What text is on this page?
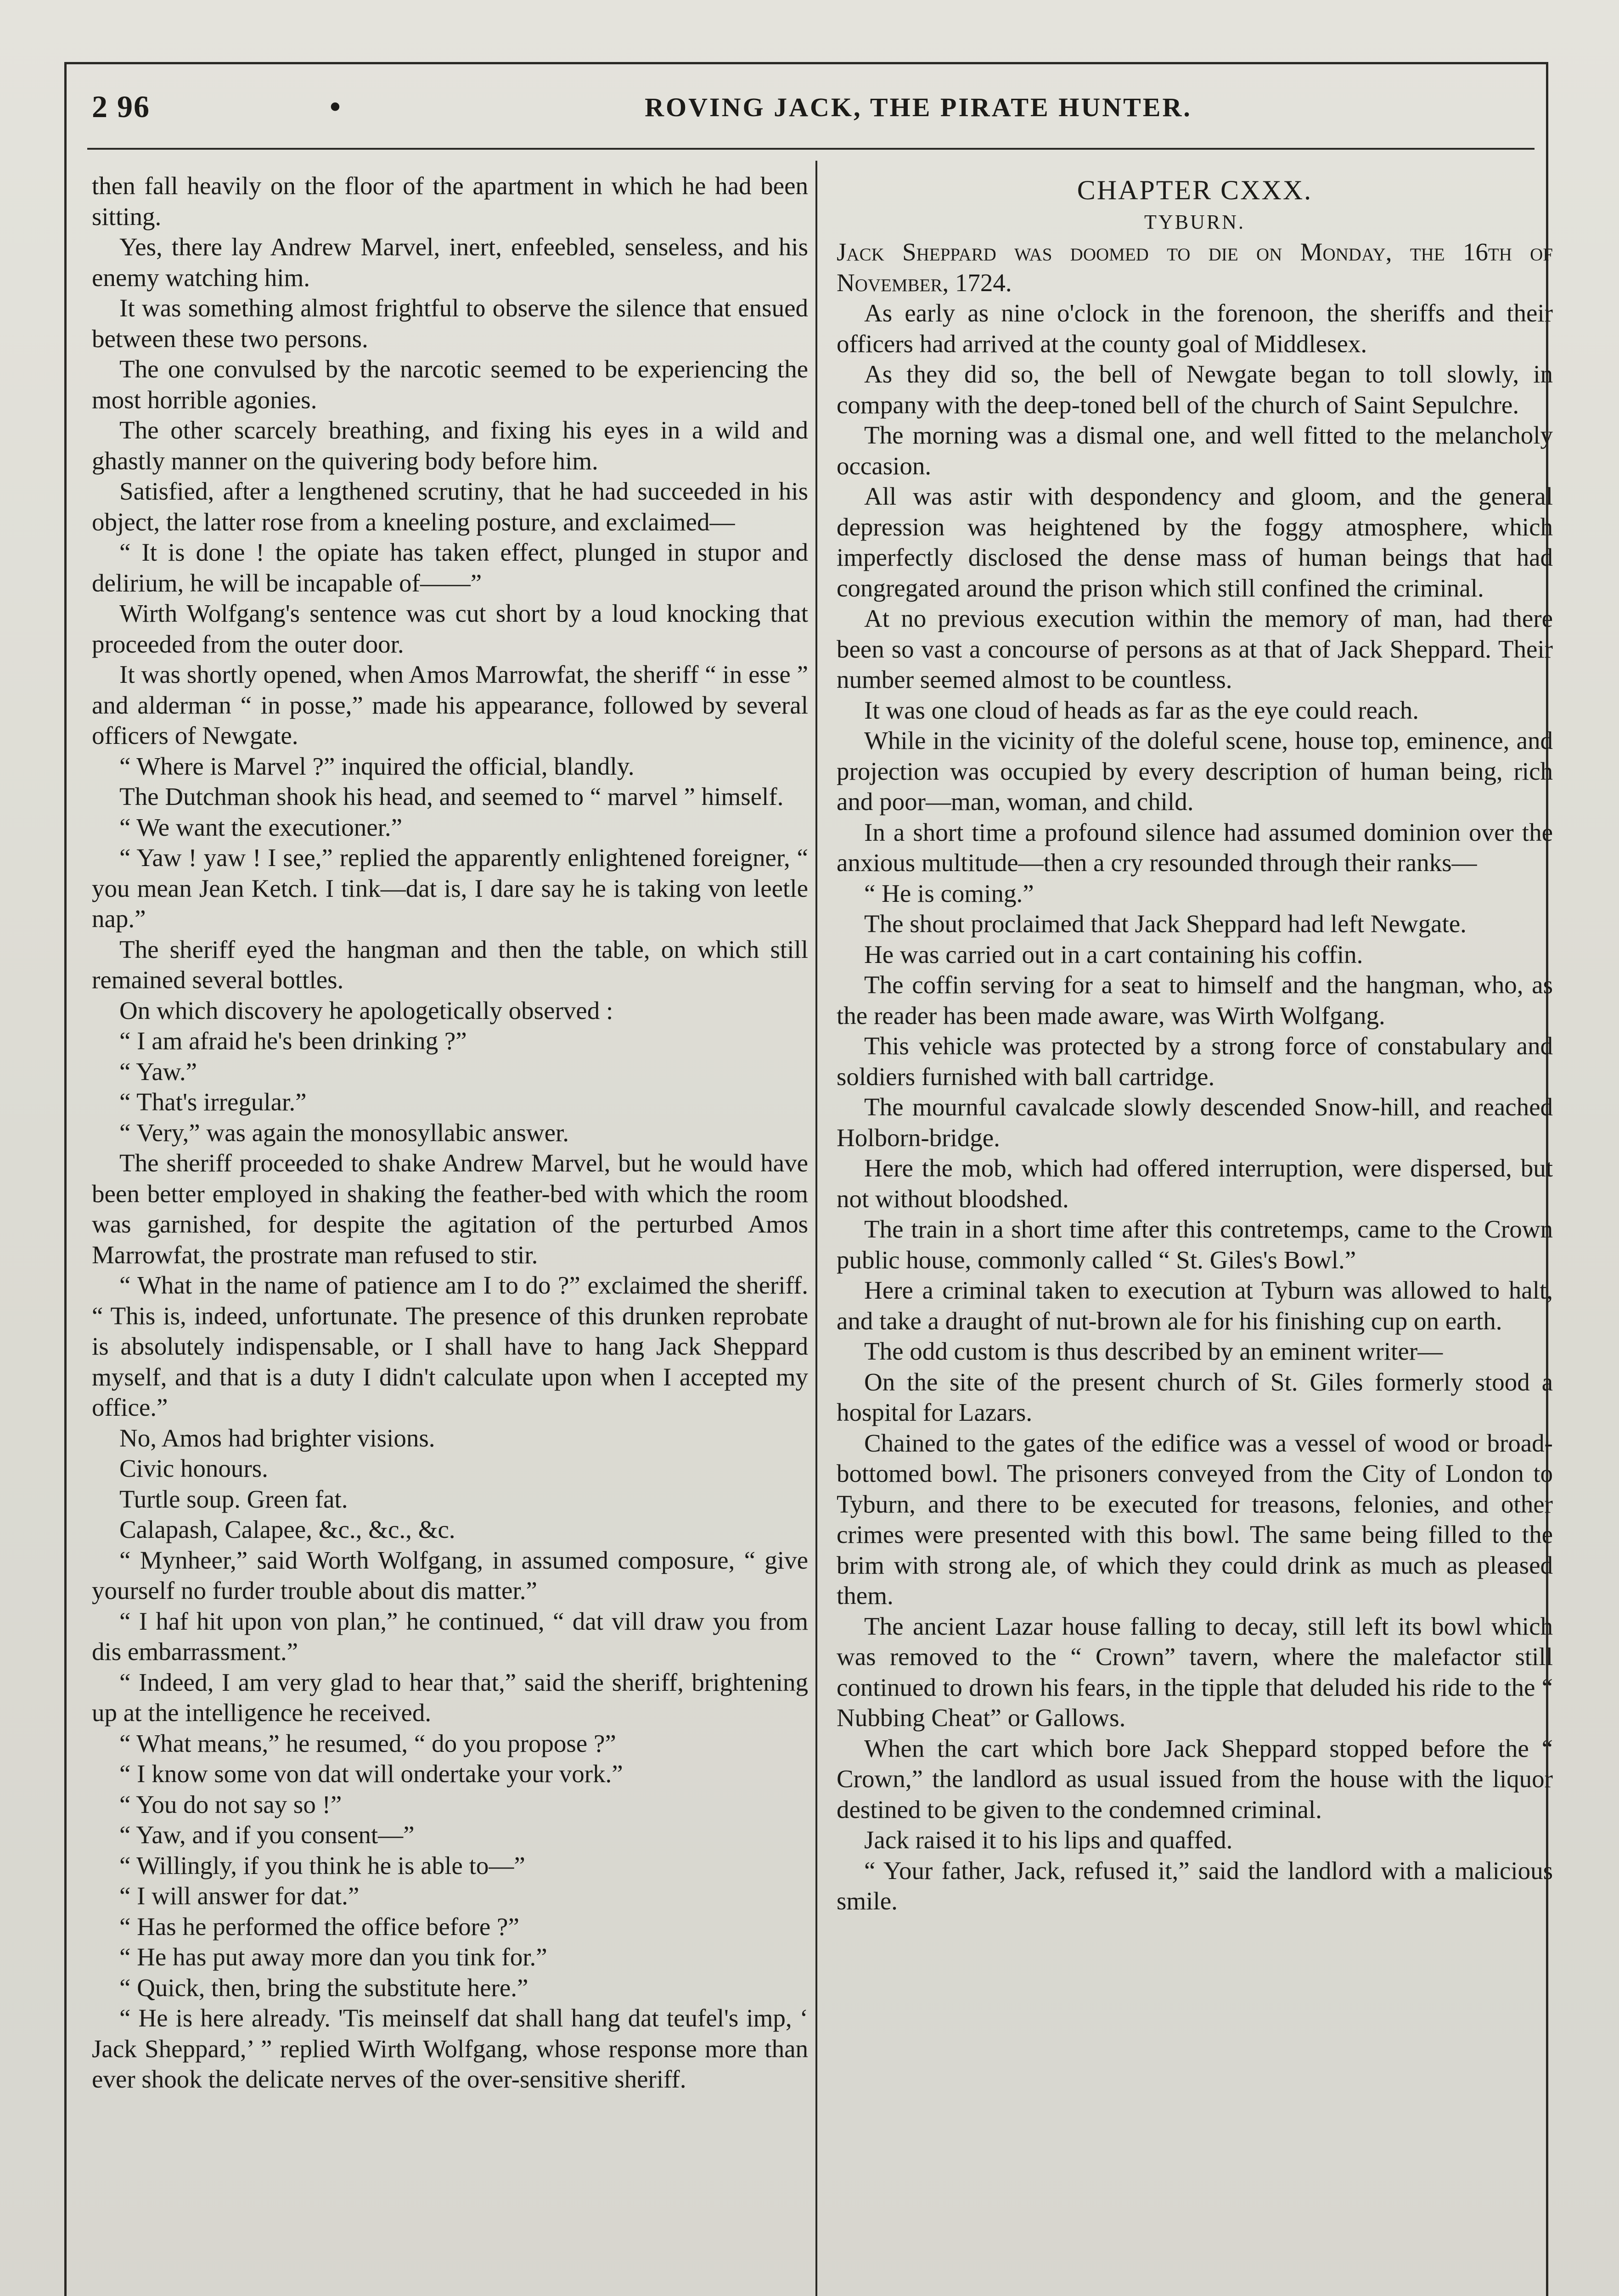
2 96	•	ROVING JACK, THE PIRATE HUNTER.

then fall heavily on the floor of the apartment in which he had been sitting.

Yes, there lay Andrew Marvel, inert, enfeebled, senseless, and his enemy watching him.

It was something almost frightful to observe the silence that ensued between these two persons.

The one convulsed by the narcotic seemed to be experiencing the most horrible agonies.

The other scarcely breathing, and fixing his eyes in a wild and ghastly manner on the quivering body before him.

Satisfied, after a lengthened scrutiny, that he had succeeded in his object, the latter rose from a kneeling posture, and exclaimed—

“ It is done ! the opiate has taken effect, plunged in stupor and delirium, he will be incapable of——”

Wirth Wolfgang's sentence was cut short by a loud knocking that proceeded from the outer door.

It was shortly opened, when Amos Marrowfat, the sheriff “ in esse ” and alderman “ in posse,” made his appearance, followed by several officers of Newgate.

“ Where is Marvel ?” inquired the official, blandly.

The Dutchman shook his head, and seemed to “ marvel ” himself.

“ We want the executioner.”

“ Yaw ! yaw ! I see,” replied the apparently enlightened foreigner, “ you mean Jean Ketch. I tink—dat is, I dare say he is taking von leetle nap.”

The sheriff eyed the hangman and then the table, on which still remained several bottles.

On which discovery he apologetically observed :

“ I am afraid he's been drinking ?”

“ Yaw.”

“ That's irregular.”

“ Very,” was again the monosyllabic answer.

The sheriff proceeded to shake Andrew Marvel, but he would have been better employed in shaking the feather-bed with which the room was garnished, for despite the agitation of the perturbed Amos Marrowfat, the prostrate man refused to stir.

“ What in the name of patience am I to do ?” exclaimed the sheriff. “ This is, indeed, unfortunate. The presence of this drunken reprobate is absolutely indispensable, or I shall have to hang Jack Sheppard myself, and that is a duty I didn't calculate upon when I accepted my office.”

No, Amos had brighter visions.

Civic honours.

Turtle soup. Green fat.

Calapash, Calapee, &c., &c., &c.

“ Mynheer,” said Worth Wolfgang, in assumed composure, “ give yourself no furder trouble about dis matter.”

“ I haf hit upon von plan,” he continued, “ dat vill draw you from dis embarrassment.”

“ Indeed, I am very glad to hear that,” said the sheriff, brightening up at the intelligence he received.

“ What means,” he resumed, “ do you propose ?”

“ I know some von dat will ondertake your vork.”

“ You do not say so !”

“ Yaw, and if you consent—”

“ Willingly, if you think he is able to—”

“ I will answer for dat.”

“ Has he performed the office before ?”

“ He has put away more dan you tink for.”

“ Quick, then, bring the substitute here.”

“ He is here already. 'Tis meinself dat shall hang dat teufel's imp, ‘ Jack Sheppard,’ ” replied Wirth Wolfgang, whose response more than ever shook the delicate nerves of the over-sensitive sheriff.

CHAPTER CXXX.
TYBURN.

Jack Sheppard was doomed to die on Monday, the 16th of November, 1724.

As early as nine o'clock in the forenoon, the sheriffs and their officers had arrived at the county goal of Middlesex.

As they did so, the bell of Newgate began to toll slowly, in company with the deep-toned bell of the church of Saint Sepulchre.

The morning was a dismal one, and well fitted to the melancholy occasion.

All was astir with despondency and gloom, and the general depression was heightened by the foggy atmosphere, which imperfectly disclosed the dense mass of human beings that had congregated around the prison which still confined the criminal.

At no previous execution within the memory of man, had there been so vast a concourse of persons as at that of Jack Sheppard. Their number seemed almost to be countless.

It was one cloud of heads as far as the eye could reach.

While in the vicinity of the doleful scene, house top, eminence, and projection was occupied by every description of human being, rich and poor—man, woman, and child.

In a short time a profound silence had assumed dominion over the anxious multitude—then a cry resounded through their ranks—

“ He is coming.”

The shout proclaimed that Jack Sheppard had left Newgate.

He was carried out in a cart containing his coffin.

The coffin serving for a seat to himself and the hangman, who, as the reader has been made aware, was Wirth Wolfgang.

This vehicle was protected by a strong force of constabulary and soldiers furnished with ball cartridge.

The mournful cavalcade slowly descended Snow-hill, and reached Holborn-bridge.

Here the mob, which had offered interruption, were dispersed, but not without bloodshed.

The train in a short time after this contretemps, came to the Crown public house, commonly called “ St. Giles's Bowl.”

Here a criminal taken to execution at Tyburn was allowed to halt, and take a draught of nut-brown ale for his finishing cup on earth.

The odd custom is thus described by an eminent writer—

On the site of the present church of St. Giles formerly stood a hospital for Lazars.

Chained to the gates of the edifice was a vessel of wood or broad-bottomed bowl. The prisoners conveyed from the City of London to Tyburn, and there to be executed for treasons, felonies, and other crimes were presented with this bowl. The same being filled to the brim with strong ale, of which they could drink as much as pleased them.

The ancient Lazar house falling to decay, still left its bowl which was removed to the “ Crown” tavern, where the malefactor still continued to drown his fears, in the tipple that deluded his ride to the “ Nubbing Cheat” or Gallows.

When the cart which bore Jack Sheppard stopped before the “ Crown,” the landlord as usual issued from the house with the liquor destined to be given to the condemned criminal.

Jack raised it to his lips and quaffed.

“ Your father, Jack, refused it,” said the landlord with a malicious smile.
